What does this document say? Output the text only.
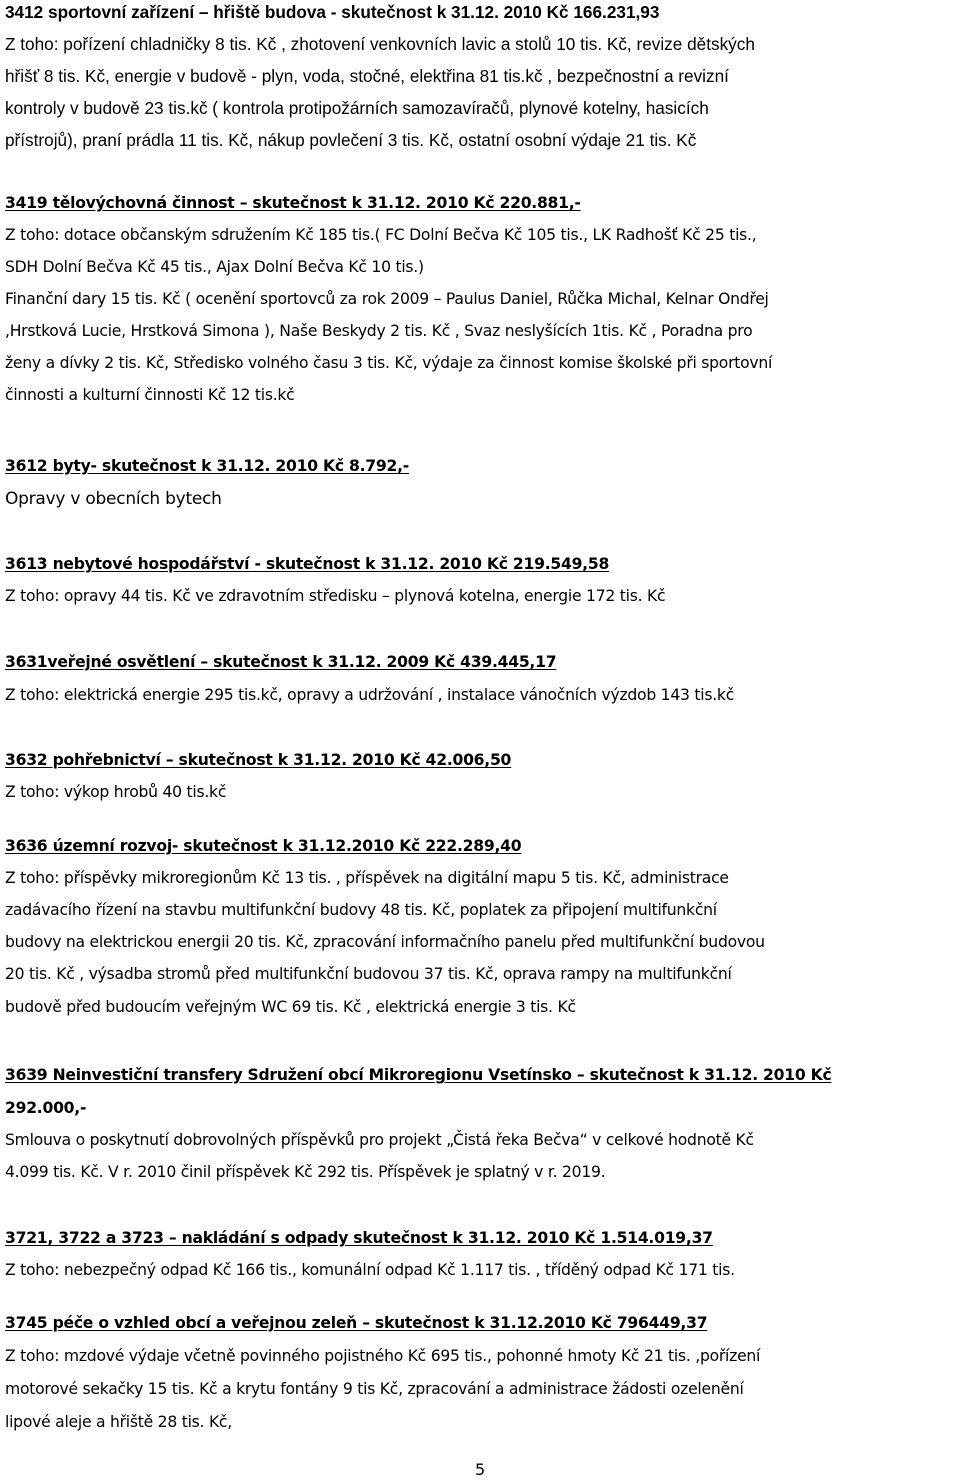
3412 sportovní zařízení – hřiště budova - skutečnost k 31.12. 2010 Kč 166.231,93
Z toho: pořízení chladničky 8 tis. Kč , zhotovení venkovních lavic a stolů 10 tis. Kč, revize dětských
hřišť 8 tis. Kč, energie v budově - plyn, voda, stočné, elektřina 81 tis.kč , bezpečnostní a revizní
kontroly v budově 23 tis.kč ( kontrola protipožárních samozavíračů, plynové kotelny, hasicích
přístrojů), praní prádla 11 tis. Kč, nákup povlečení 3 tis. Kč, ostatní osobní výdaje 21 tis. Kč
3419 tělovýchovná činnost – skutečnost k 31.12. 2010 Kč 220.881,-
Z toho: dotace občanským sdružením Kč 185 tis.( FC Dolní Bečva Kč 105 tis., LK Radhošť Kč 25 tis.,
SDH Dolní Bečva Kč 45 tis., Ajax Dolní Bečva Kč 10 tis.)
Finanční dary 15 tis. Kč ( ocenění sportovců za rok 2009 – Paulus Daniel, Růčka Michal, Kelnar Ondřej
,Hrstková Lucie, Hrstková Simona ), Naše Beskydy 2 tis. Kč , Svaz neslyšících 1tis. Kč , Poradna pro
ženy a dívky 2 tis. Kč, Středisko volného času 3 tis. Kč, výdaje za činnost komise školské při sportovní
činnosti a kulturní činnosti Kč 12 tis.kč
3612 byty- skutečnost k 31.12. 2010 Kč 8.792,-
Opravy v obecních bytech
3613 nebytové hospodářství - skutečnost k 31.12. 2010 Kč 219.549,58
Z toho: opravy 44 tis. Kč ve zdravotním středisku – plynová kotelna, energie 172 tis. Kč
3631veřejné osvětlení – skutečnost k 31.12. 2009 Kč 439.445,17
Z toho: elektrická energie 295 tis.kč, opravy a udržování , instalace vánočních výzdob 143 tis.kč
3632 pohřebnictví – skutečnost k 31.12. 2010 Kč 42.006,50
Z toho: výkop hrobů 40 tis.kč
3636 územní rozvoj- skutečnost k 31.12.2010 Kč 222.289,40
Z toho: příspěvky mikroregionům Kč 13 tis. , příspěvek na digitální mapu 5 tis. Kč, administrace
zadávacího řízení na stavbu multifunkční budovy 48 tis. Kč, poplatek za připojení multifunkční
budovy na elektrickou energii 20 tis. Kč, zpracování informačního panelu před multifunkční budovou
20 tis. Kč , výsadba stromů před multifunkční budovou 37 tis. Kč, oprava rampy na multifunkční
budově před budoucím veřejným WC 69 tis. Kč , elektrická energie 3 tis. Kč
3639 Neinvestiční transfery Sdružení obcí Mikroregionu Vsetínsko – skutečnost k 31.12. 2010 Kč
292.000,-
Smlouva o poskytnutí dobrovolných příspěvků pro projekt „Čistá řeka Bečva“ v celkové hodnotě Kč
4.099 tis. Kč. V r. 2010 činil příspěvek Kč 292 tis. Příspěvek je splatný v r. 2019.
3721, 3722 a 3723 – nakládání s odpady skutečnost k 31.12. 2010 Kč 1.514.019,37
Z toho: nebezpečný odpad Kč 166 tis., komunální odpad Kč 1.117 tis. , tříděný odpad Kč 171 tis.
3745 péče o vzhled obcí a veřejnou zeleň – skutečnost k 31.12.2010 Kč 796449,37
Z toho: mzdové výdaje včetně povinného pojistného Kč 695 tis., pohonné hmoty Kč 21 tis. ,pořízení
motorové sekačky 15 tis. Kč a krytu fontány 9 tis Kč, zpracování a administrace žádosti ozelenění
lipové aleje a hřiště 28 tis. Kč,
5
